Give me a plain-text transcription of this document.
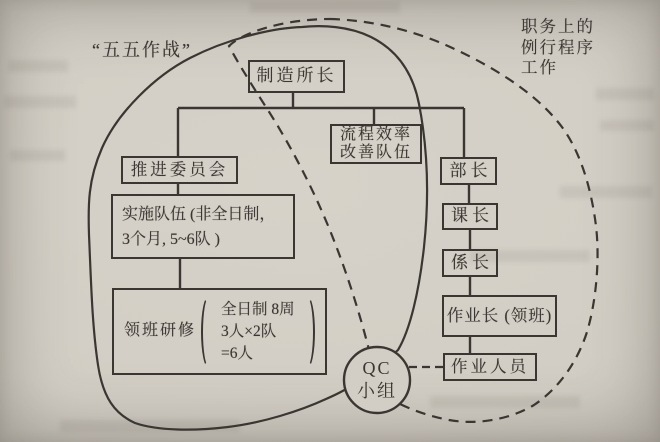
“五五作战”
职务上的
例行程序
工作
制造所长
流程效率
改善队伍
推进委员会
实施队伍 (非全日制，
3个月, 5~6队 )
领班研修
全日制 8周
3人×2队
=6人
部长
课长
係长
作业长 (领班)
作业人员
QC
小组
